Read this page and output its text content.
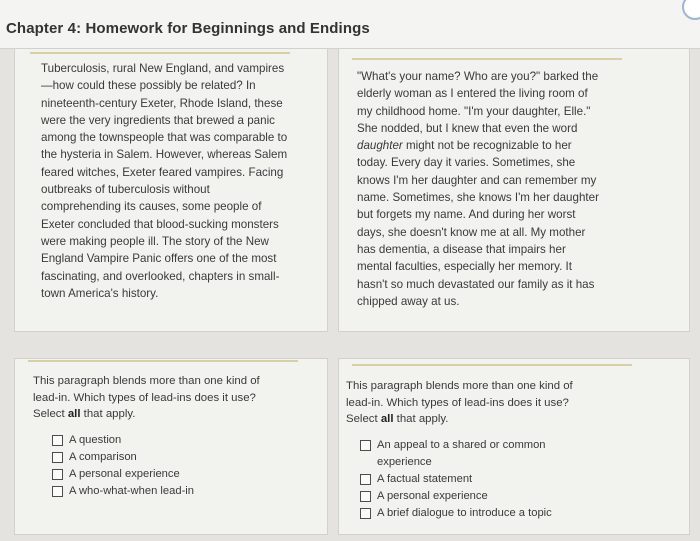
Chapter 4: Homework for Beginnings and Endings

Tuberculosis, rural New England, and vampires—how could these possibly be related? In nineteenth-century Exeter, Rhode Island, these were the very ingredients that brewed a panic among the townspeople that was comparable to the hysteria in Salem. However, whereas Salem feared witches, Exeter feared vampires. Facing outbreaks of tuberculosis without comprehending its causes, some people of Exeter concluded that blood-sucking monsters were making people ill. The story of the New England Vampire Panic offers one of the most fascinating, and overlooked, chapters in small-town America's history.

"What's your name? Who are you?" barked the elderly woman as I entered the living room of my childhood home. "I'm your daughter, Elle." She nodded, but I knew that even the word daughter might not be recognizable to her today. Every day it varies. Sometimes, she knows I'm her daughter and can remember my name. Sometimes, she knows I'm her daughter but forgets my name. And during her worst days, she doesn't know me at all. My mother has dementia, a disease that impairs her mental faculties, especially her memory. It hasn't so much devastated our family as it has chipped away at us.

This paragraph blends more than one kind of lead-in. Which types of lead-ins does it use?
Select all that apply.
A question
A comparison
A personal experience
A who-what-when lead-in
This paragraph blends more than one kind of lead-in. Which types of lead-ins does it use?
Select all that apply.
An appeal to a shared or common experience
A factual statement
A personal experience
A brief dialogue to introduce a topic
